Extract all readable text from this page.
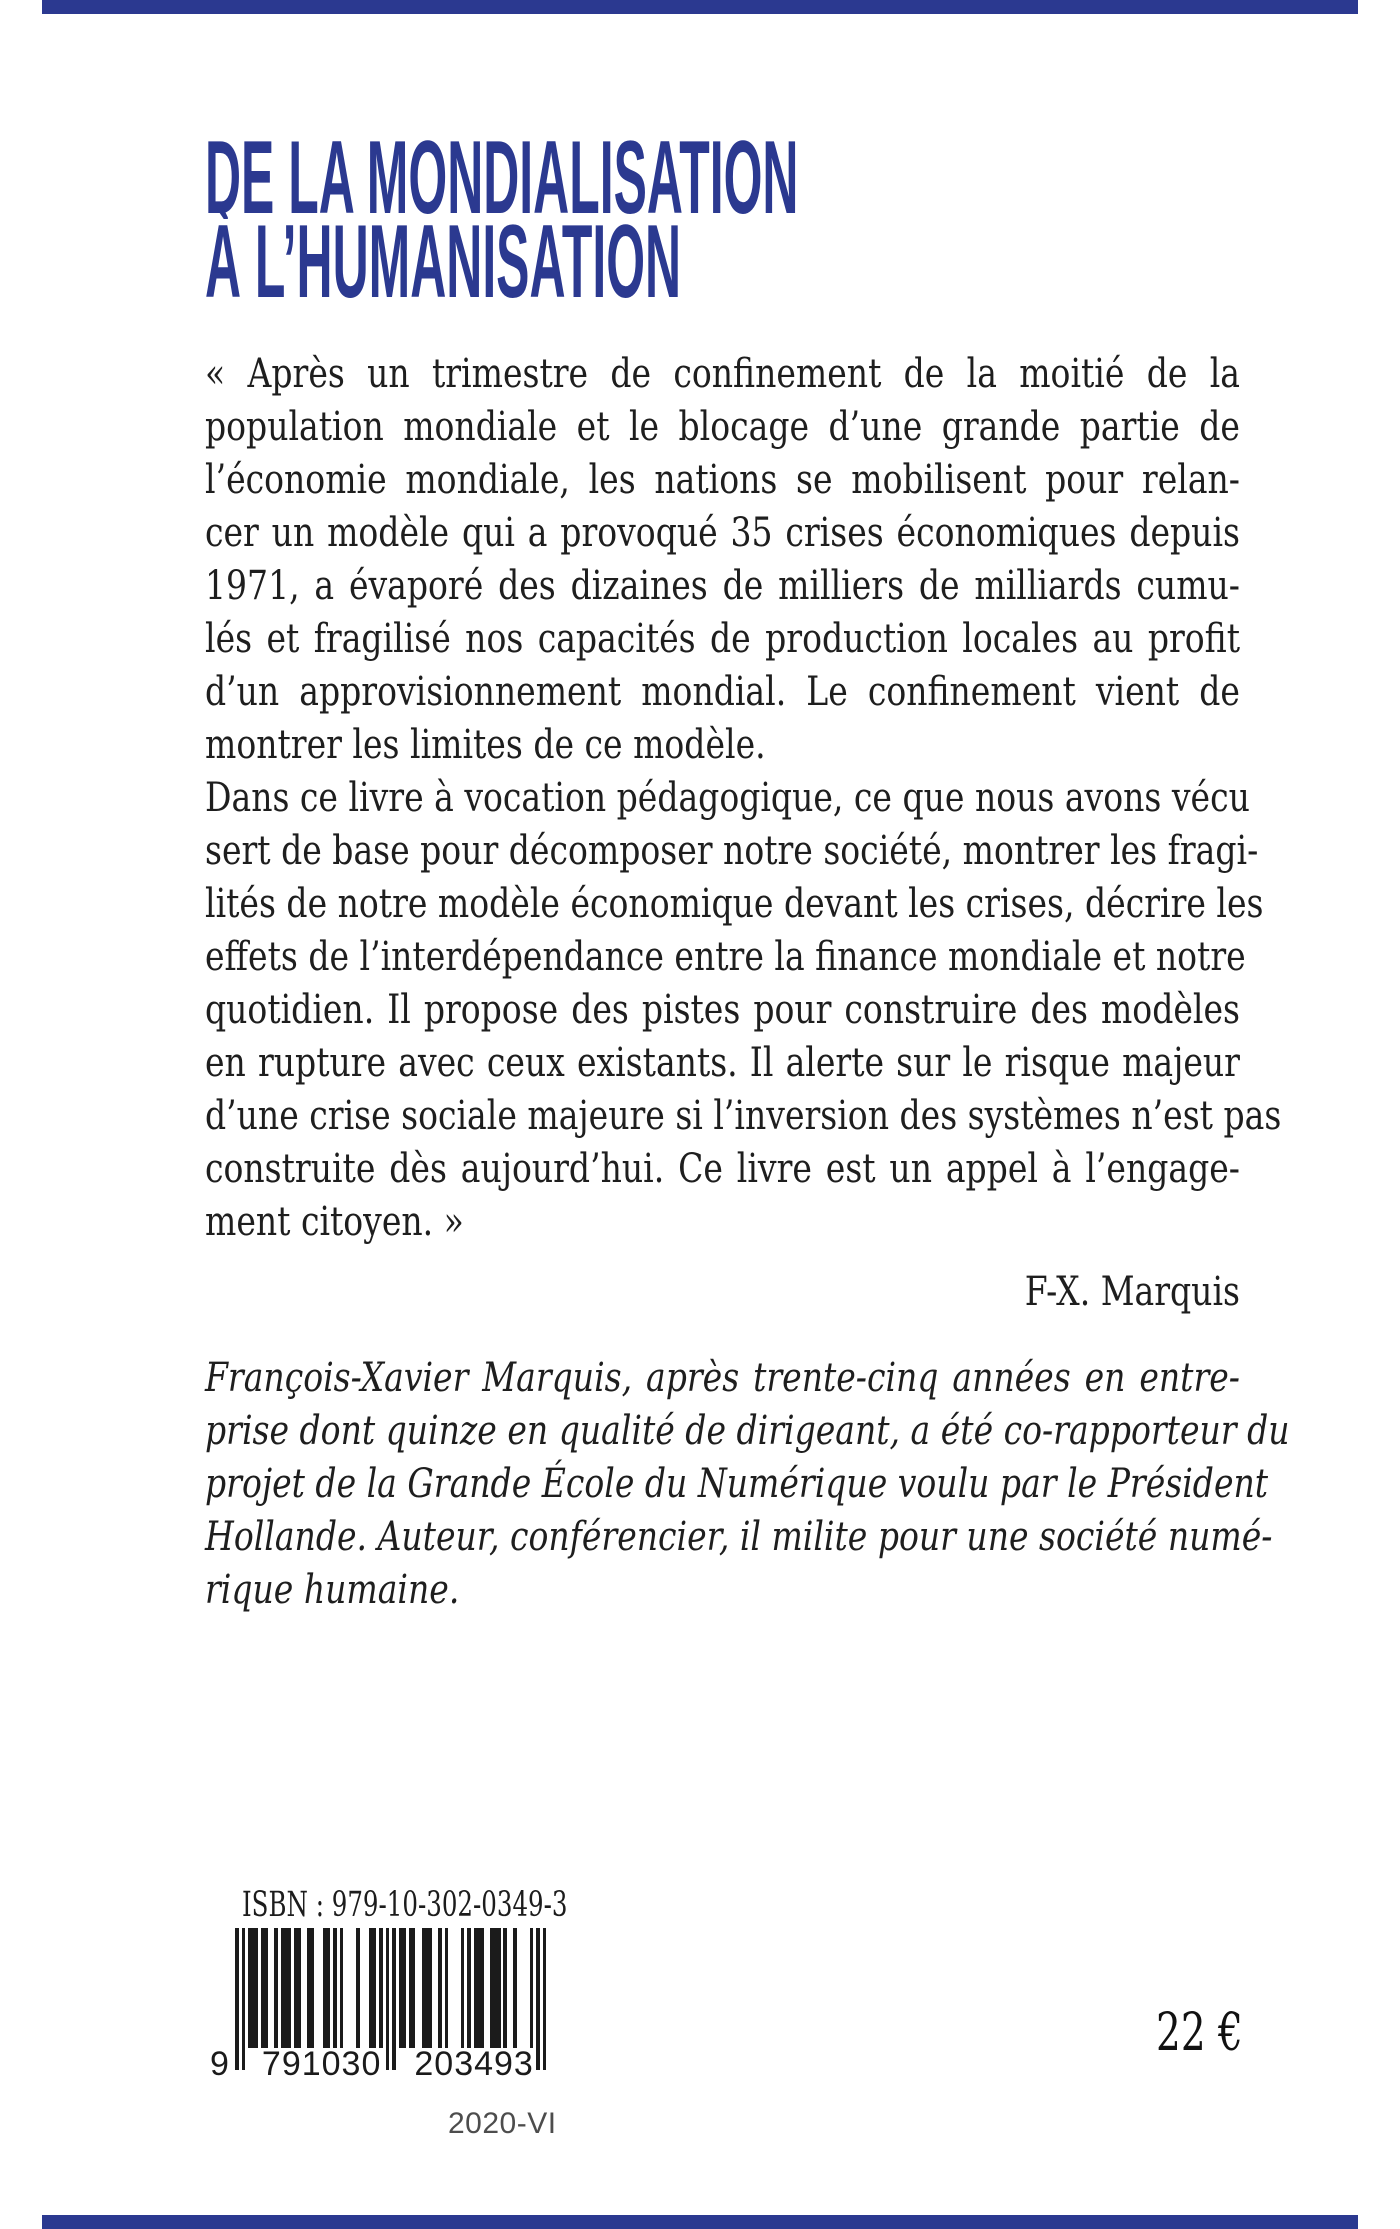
DE LA MONDIALISATION
À L’HUMANISATION
« Après un trimestre de confinement de la moitié de la
population mondiale et le blocage d’une grande partie de
l’économie mondiale, les nations se mobilisent pour relan-
cer un modèle qui a provoqué 35 crises économiques depuis
1971, a évaporé des dizaines de milliers de milliards cumu-
lés et fragilisé nos capacités de production locales au profit
d’un approvisionnement mondial. Le confinement vient de
montrer les limites de ce modèle.
Dans ce livre à vocation pédagogique, ce que nous avons vécu
sert de base pour décomposer notre société, montrer les fragi-
lités de notre modèle économique devant les crises, décrire les
effets de l’interdépendance entre la finance mondiale et notre
quotidien. Il propose des pistes pour construire des modèles
en rupture avec ceux existants. Il alerte sur le risque majeur
d’une crise sociale majeure si l’inversion des systèmes n’est pas
construite dès aujourd’hui. Ce livre est un appel à l’engage-
ment citoyen. »
F-X. Marquis
François-Xavier Marquis, après trente-cinq années en entre-
prise dont quinze en qualité de dirigeant, a été co-rapporteur du
projet de la Grande École du Numérique voulu par le Président
Hollande. Auteur, conférencier, il milite pour une société numé-
rique humaine.
ISBN : 979-10-302-0349-3
9 791030 203493
22 €
2020-VI
